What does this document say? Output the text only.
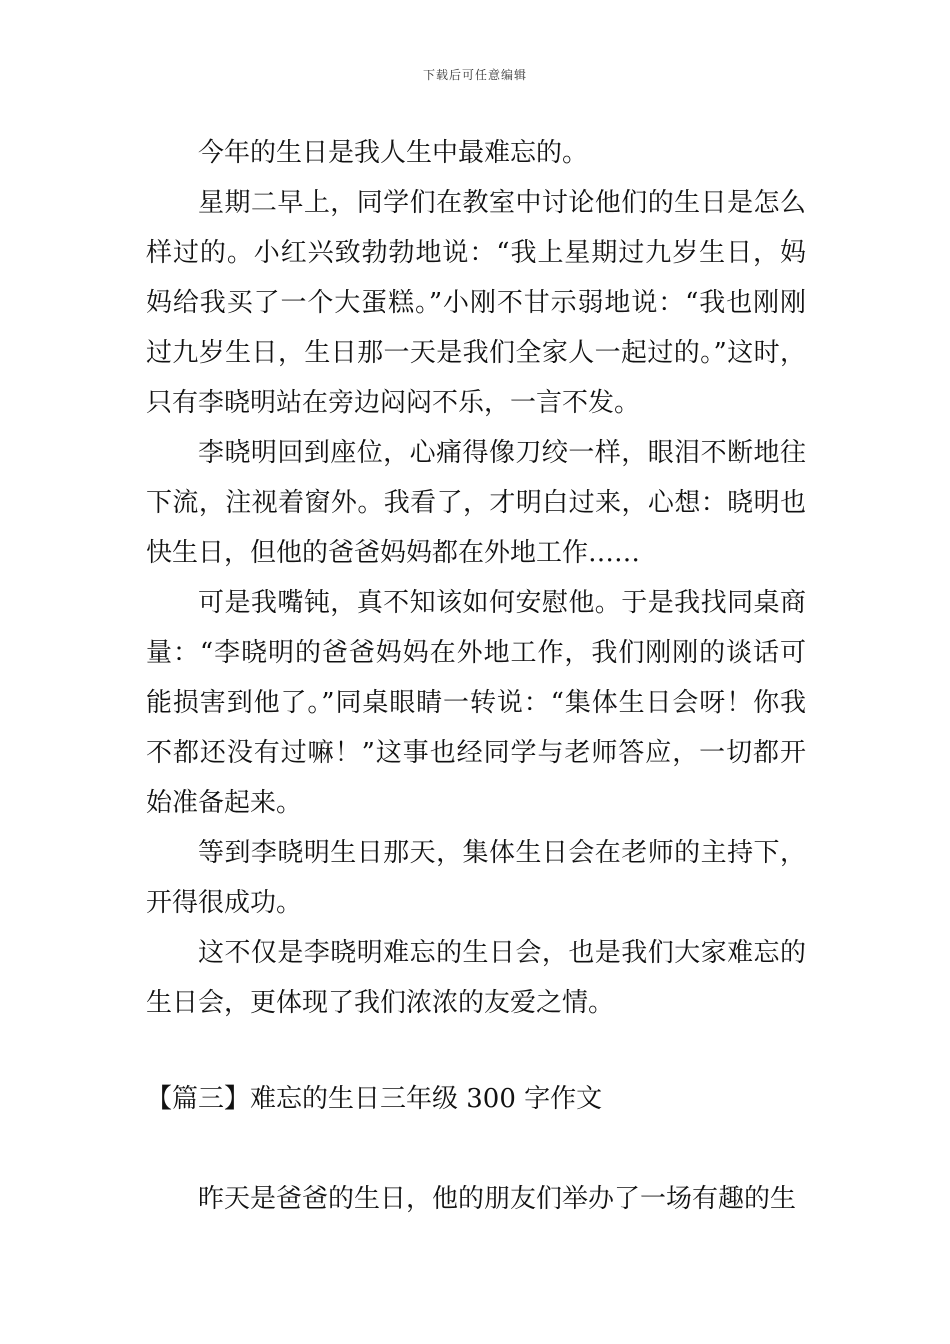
下载后可任意编辑

今年的生日是我人生中最难忘的。

星期二早上，同学们在教室中讨论他们的生日是怎么样过的。小红兴致勃勃地说：“我上星期过九岁生日，妈妈给我买了一个大蛋糕。”小刚不甘示弱地说：“我也刚刚过九岁生日，生日那一天是我们全家人一起过的。”这时，只有李晓明站在旁边闷闷不乐，一言不发。

李晓明回到座位，心痛得像刀绞一样，眼泪不断地往下流，注视着窗外。我看了，才明白过来，心想：晓明也快生日，但他的爸爸妈妈都在外地工作……

可是我嘴钝，真不知该如何安慰他。于是我找同桌商量：“李晓明的爸爸妈妈在外地工作，我们刚刚的谈话可能损害到他了。”同桌眼睛一转说：“集体生日会呀！你我不都还没有过嘛！”这事也经同学与老师答应，一切都开始准备起来。

等到李晓明生日那天，集体生日会在老师的主持下，开得很成功。

这不仅是李晓明难忘的生日会，也是我们大家难忘的生日会，更体现了我们浓浓的友爱之情。

【篇三】难忘的生日三年级 300 字作文

昨天是爸爸的生日，他的朋友们举办了一场有趣的生
